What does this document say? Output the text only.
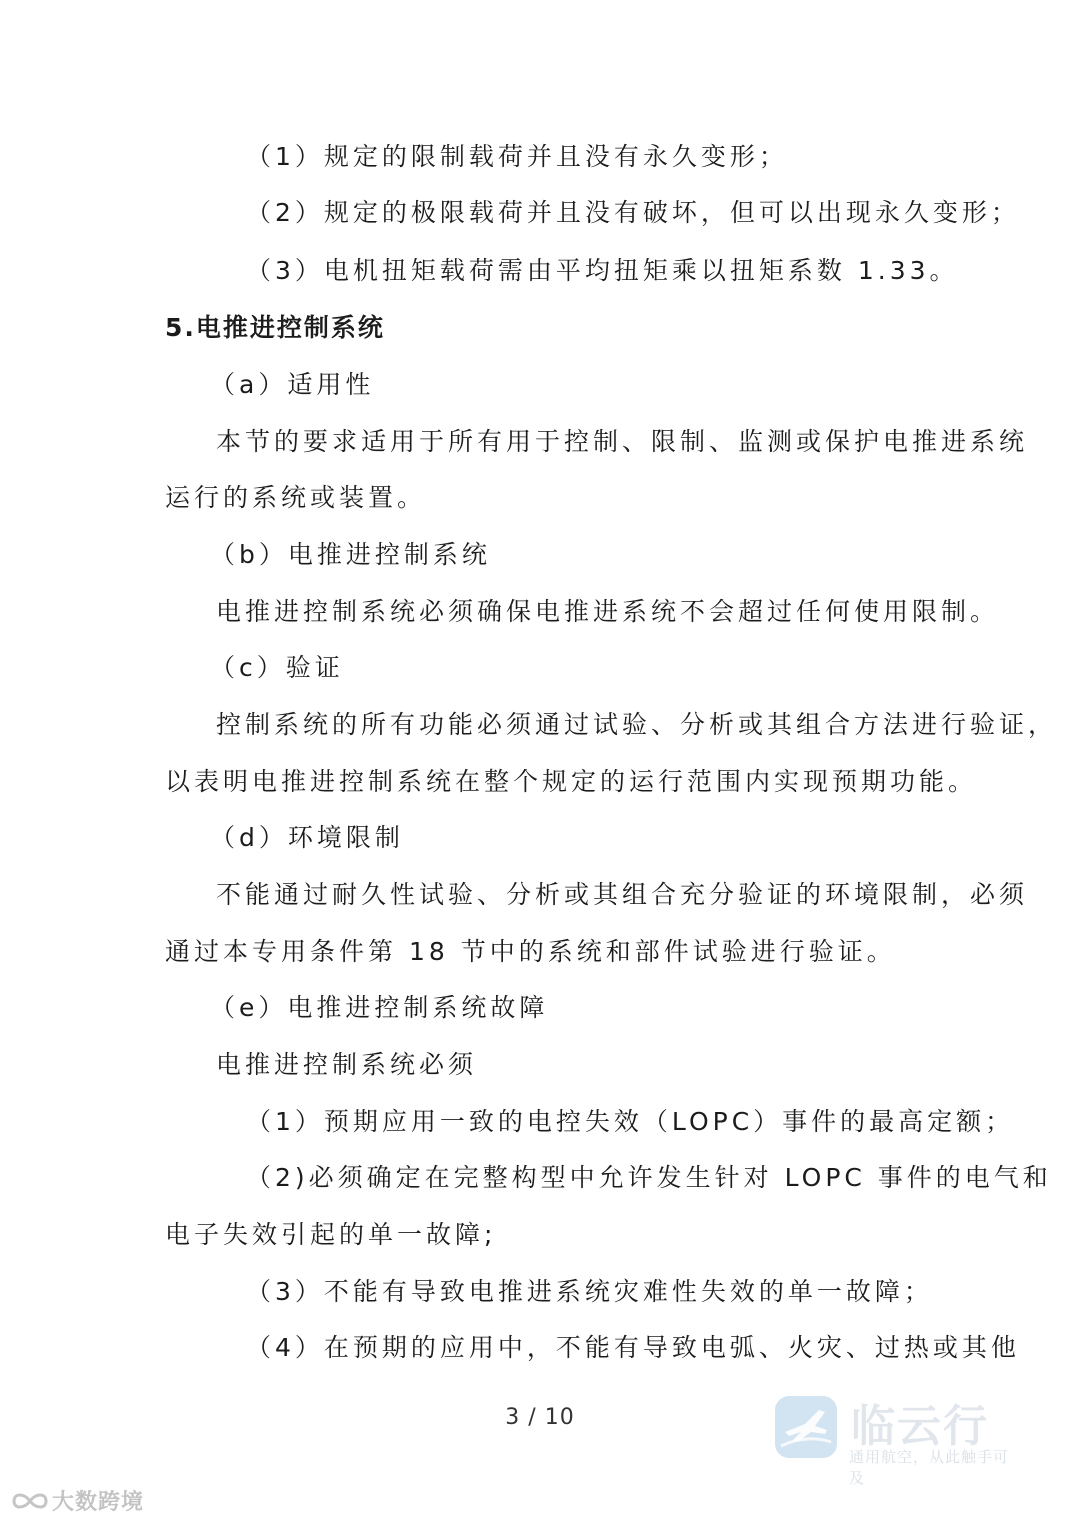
（1）规定的限制载荷并且没有永久变形；
（2）规定的极限载荷并且没有破坏，但可以出现永久变形；
（3）电机扭矩载荷需由平均扭矩乘以扭矩系数 1.33。
5.电推进控制系统
（a）适用性
本节的要求适用于所有用于控制、限制、监测或保护电推进系统
运行的系统或装置。
（b）电推进控制系统
电推进控制系统必须确保电推进系统不会超过任何使用限制。
（c）验证
控制系统的所有功能必须通过试验、分析或其组合方法进行验证，
以表明电推进控制系统在整个规定的运行范围内实现预期功能。
（d）环境限制
不能通过耐久性试验、分析或其组合充分验证的环境限制，必须
通过本专用条件第 18 节中的系统和部件试验进行验证。
（e）电推进控制系统故障
电推进控制系统必须
（1）预期应用一致的电控失效（LOPC）事件的最高定额；
（2)必须确定在完整构型中允许发生针对 LOPC 事件的电气和
电子失效引起的单一故障;
（3）不能有导致电推进系统灾难性失效的单一故障；
（4）在预期的应用中，不能有导致电弧、火灾、过热或其他
3 / 10	临云行
通用航空，从此触手可及
大数跨境
